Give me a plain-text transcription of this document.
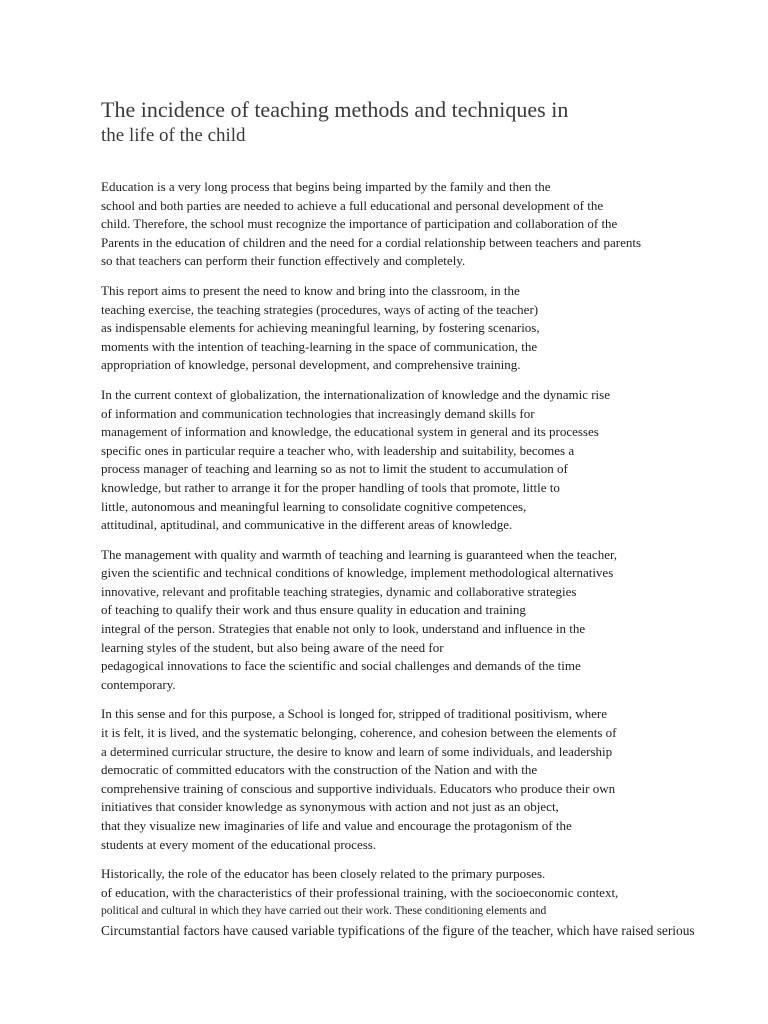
The incidence of teaching methods and techniques in
the life of the child

Education is a very long process that begins being imparted by the family and then the
school and both parties are needed to achieve a full educational and personal development of the
child. Therefore, the school must recognize the importance of participation and collaboration of the
Parents in the education of children and the need for a cordial relationship between teachers and parents
so that teachers can perform their function effectively and completely.

This report aims to present the need to know and bring into the classroom, in the
teaching exercise, the teaching strategies (procedures, ways of acting of the teacher)
as indispensable elements for achieving meaningful learning, by fostering scenarios,
moments with the intention of teaching-learning in the space of communication, the
appropriation of knowledge, personal development, and comprehensive training.

In the current context of globalization, the internationalization of knowledge and the dynamic rise
of information and communication technologies that increasingly demand skills for
management of information and knowledge, the educational system in general and its processes
specific ones in particular require a teacher who, with leadership and suitability, becomes a
process manager of teaching and learning so as not to limit the student to accumulation of
knowledge, but rather to arrange it for the proper handling of tools that promote, little to
little, autonomous and meaningful learning to consolidate cognitive competences,
attitudinal, aptitudinal, and communicative in the different areas of knowledge.

The management with quality and warmth of teaching and learning is guaranteed when the teacher,
given the scientific and technical conditions of knowledge, implement methodological alternatives
innovative, relevant and profitable teaching strategies, dynamic and collaborative strategies
of teaching to qualify their work and thus ensure quality in education and training
integral of the person. Strategies that enable not only to look, understand and influence in the
learning styles of the student, but also being aware of the need for
pedagogical innovations to face the scientific and social challenges and demands of the time
contemporary.

In this sense and for this purpose, a School is longed for, stripped of traditional positivism, where
it is felt, it is lived, and the systematic belonging, coherence, and cohesion between the elements of
a determined curricular structure, the desire to know and learn of some individuals, and leadership
democratic of committed educators with the construction of the Nation and with the
comprehensive training of conscious and supportive individuals. Educators who produce their own
initiatives that consider knowledge as synonymous with action and not just as an object,
that they visualize new imaginaries of life and value and encourage the protagonism of the
students at every moment of the educational process.

Historically, the role of the educator has been closely related to the primary purposes.
of education, with the characteristics of their professional training, with the socioeconomic context,
political and cultural in which they have carried out their work. These conditioning elements and
Circumstantial factors have caused variable typifications of the figure of the teacher, which have raised serious
